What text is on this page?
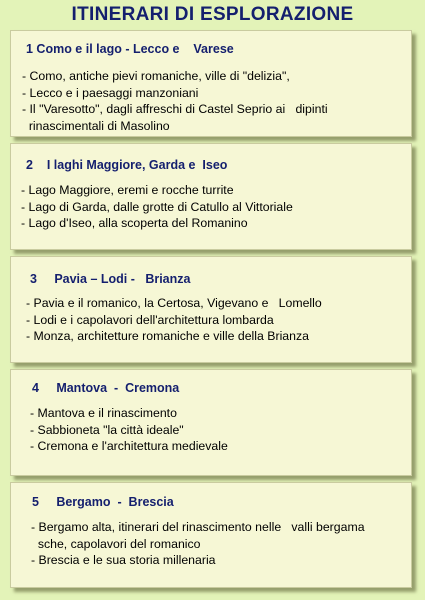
ITINERARI DI ESPLORAZIONE
1 Como e il lago - Lecco e    Varese
- Como, antiche pievi romaniche, ville di "delizia",
- Lecco e i paesaggi manzoniani
- Il "Varesotto", dagli affreschi di Castel Seprio ai   dipinti
rinascimentali di Masolino
2    I laghi Maggiore, Garda e  Iseo
- Lago Maggiore, eremi e rocche turrite
- Lago di Garda, dalle grotte di Catullo al Vittoriale
- Lago d'Iseo, alla scoperta del Romanino
3     Pavia – Lodi -   Brianza
- Pavia e il romanico, la Certosa, Vigevano e   Lomello
- Lodi e i capolavori dell'architettura lombarda
- Monza, architetture romaniche e ville della Brianza
4     Mantova  -  Cremona
- Mantova e il rinascimento
- Sabbioneta "la città ideale"
- Cremona e l'architettura medievale
5     Bergamo  -  Brescia
- Bergamo alta, itinerari del rinascimento nelle   valli bergama
sche, capolavori del romanico
- Brescia e le sua storia millenaria
